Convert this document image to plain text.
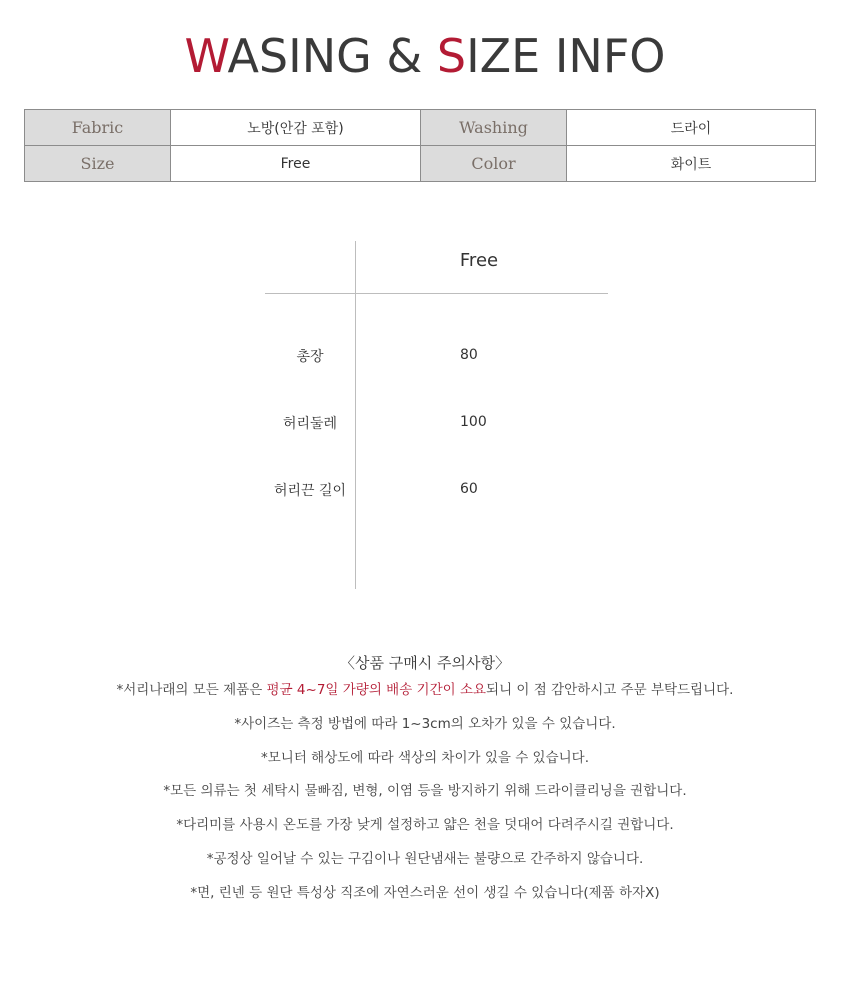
WASING & SIZE INFO
Fabric	노방(안감 포함)	Washing	드라이
Size	Free	Color	화이트
Free
총장	80
허리둘레	100
허리끈 길이	60
〈상품 구매시 주의사항〉
*서리나래의 모든 제품은 평균 4~7일 가량의 배송 기간이 소요되니 이 점 감안하시고 주문 부탁드립니다.
*사이즈는 측정 방법에 따라 1~3cm의 오차가 있을 수 있습니다.
*모니터 해상도에 따라 색상의 차이가 있을 수 있습니다.
*모든 의류는 첫 세탁시 물빠짐, 변형, 이염 등을 방지하기 위해 드라이클리닝을 권합니다.
*다리미를 사용시 온도를 가장 낮게 설정하고 얇은 천을 덧대어 다려주시길 권합니다.
*공정상 일어날 수 있는 구김이나 원단냄새는 불량으로 간주하지 않습니다.
*면, 린넨 등 원단 특성상 직조에 자연스러운 선이 생길 수 있습니다(제품 하자X)
